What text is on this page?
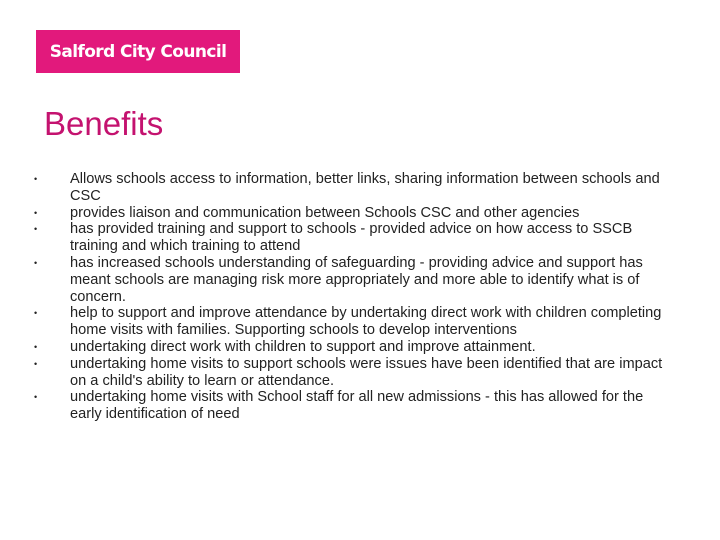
Salford City Council
Benefits
• Allows schools access to information, better links, sharing information between schools and CSC
• provides liaison and communication between Schools CSC and other agencies
• has provided training and support to schools - provided advice on how access to SSCB training and which training to attend
• has increased schools understanding of safeguarding - providing advice and support has meant schools are managing risk more appropriately and more able to identify what is of concern.
• help to support and improve attendance by undertaking direct work with children completing home visits with families. Supporting schools to develop interventions
• undertaking direct work with children to support and improve attainment.
• undertaking home visits to support schools were issues have been identified that are impact on a child's ability to learn or attendance.
• undertaking home visits with School staff for all new admissions - this has allowed for the early identification of need
